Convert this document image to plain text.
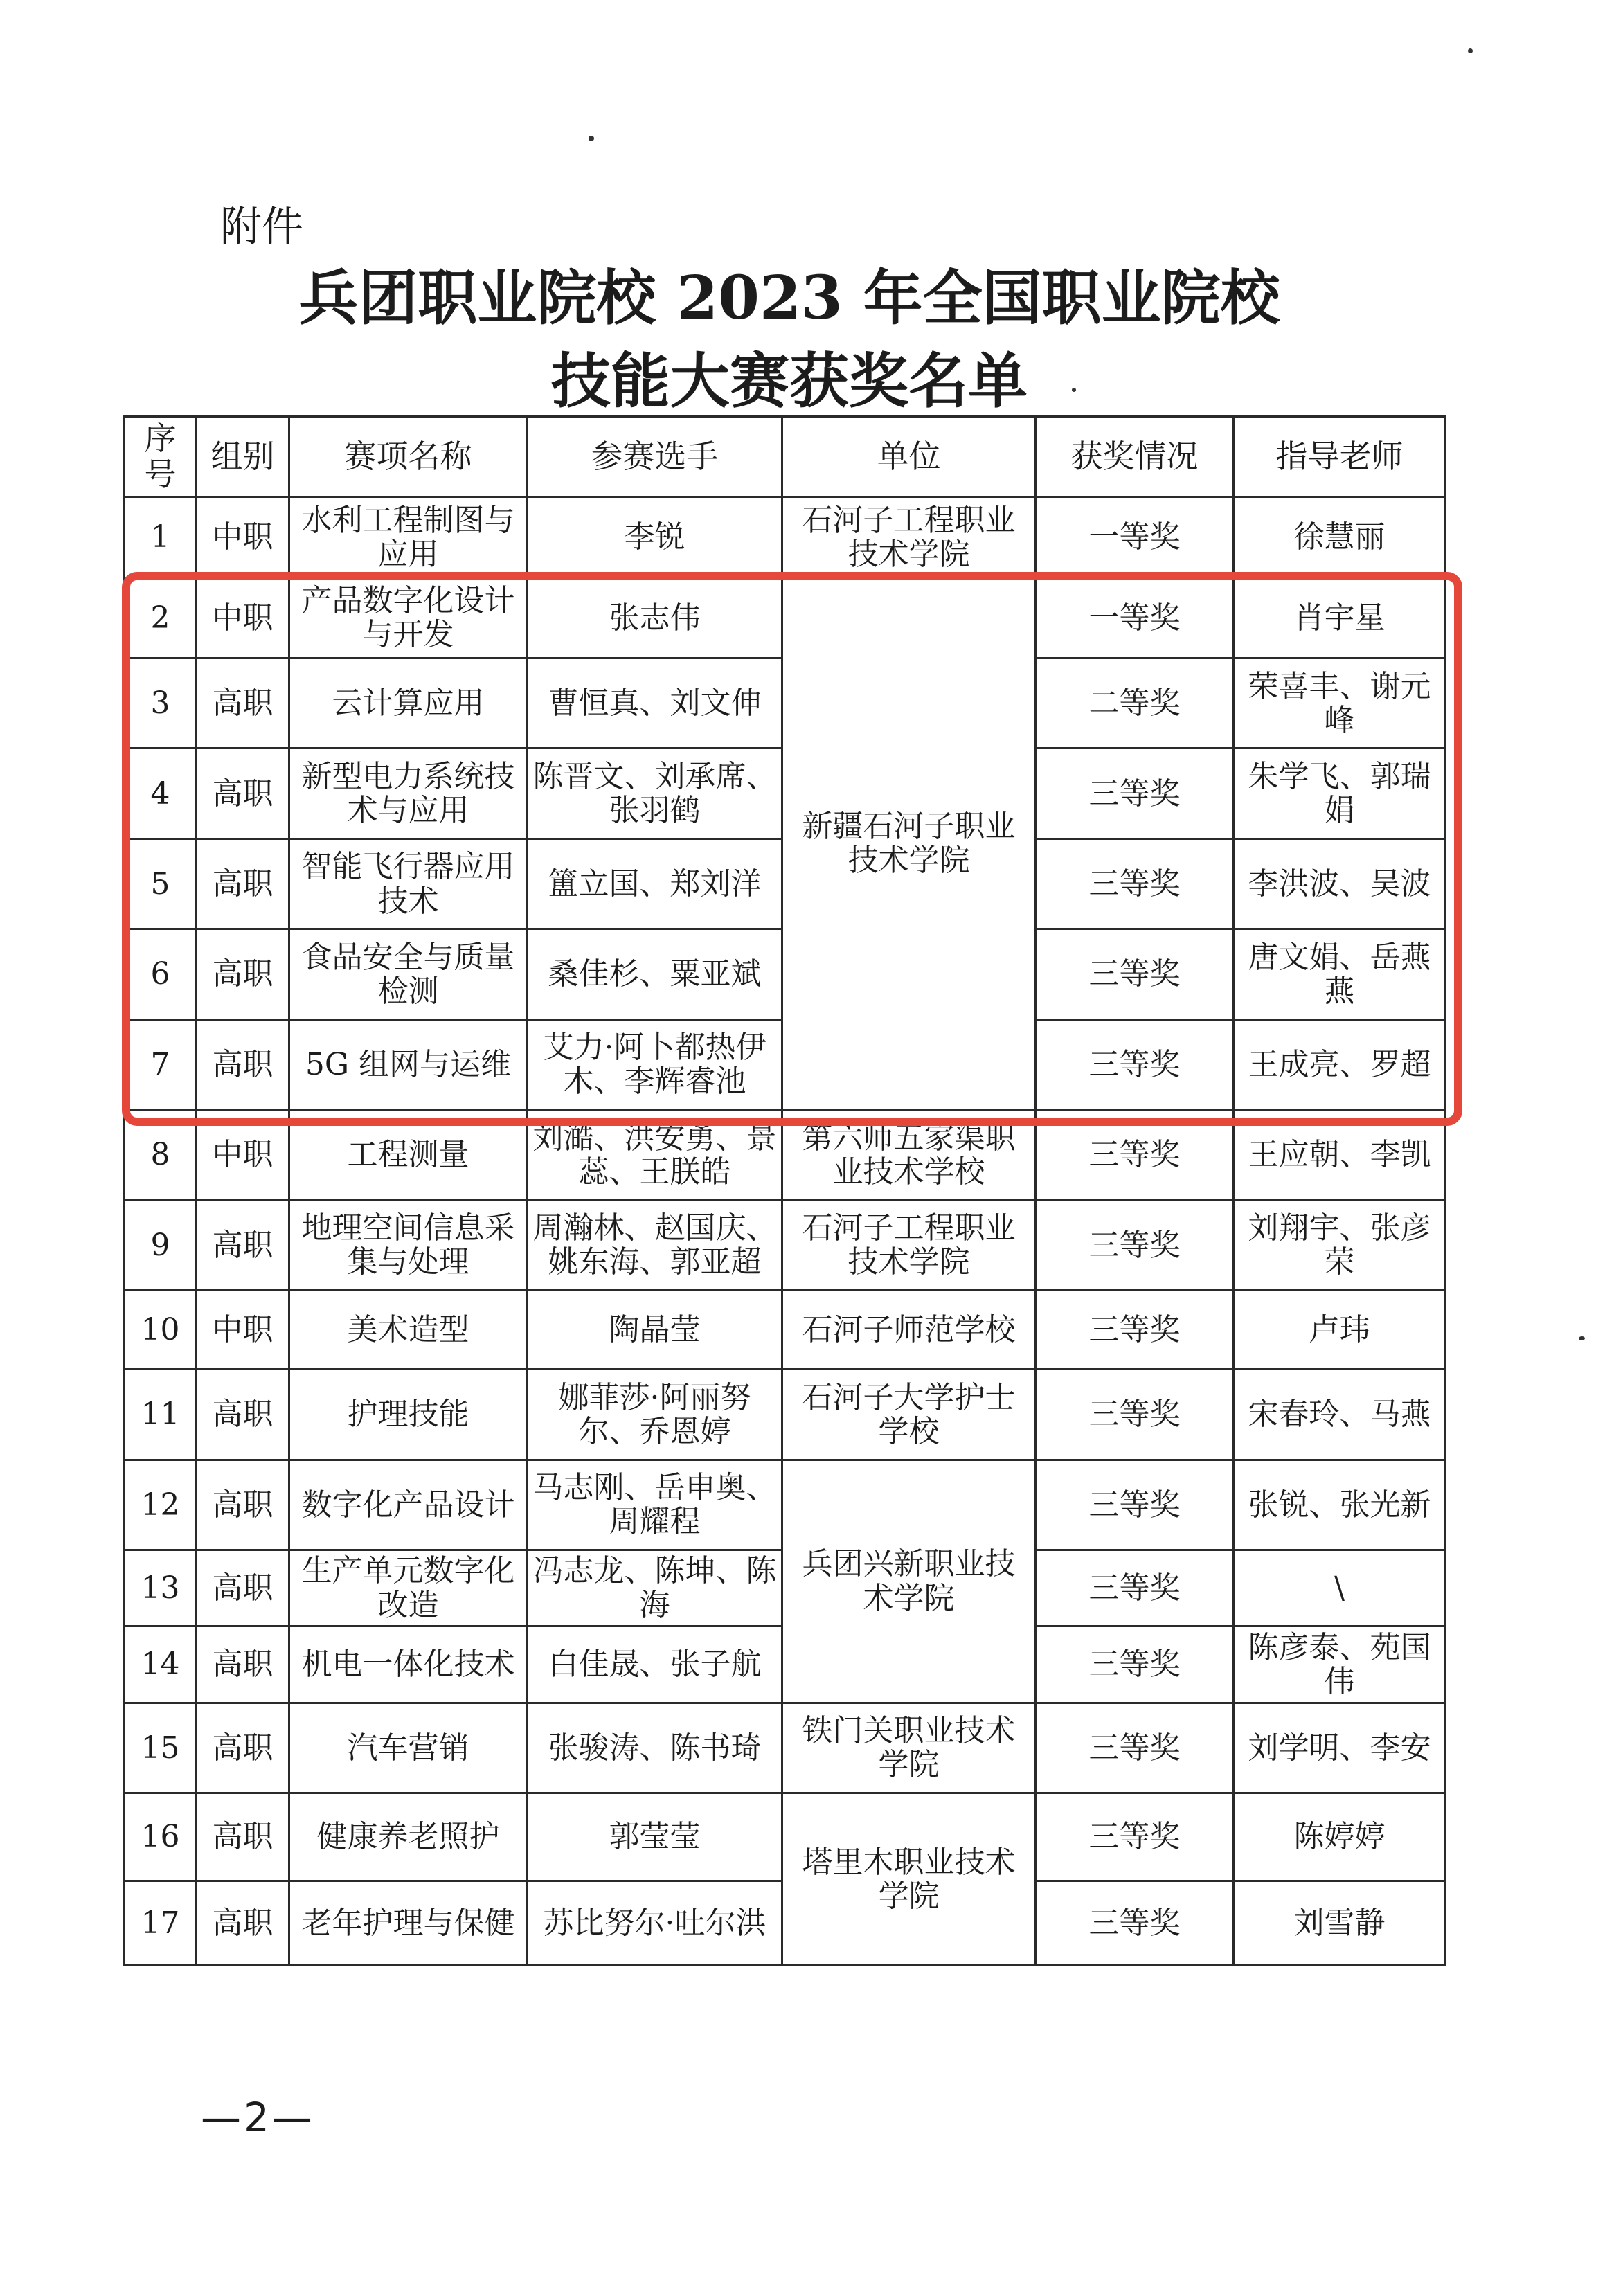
附件
兵团职业院校 2023 年全国职业院校
技能大赛获奖名单
序号	组别	赛项名称	参赛选手	单位	获奖情况	指导老师
1	中职	水利工程制图与应用	李锐	石河子工程职业技术学院	一等奖	徐慧丽
2	中职	产品数字化设计与开发	张志伟	新疆石河子职业技术学院	一等奖	肖宇星
3	高职	云计算应用	曹恒真、刘文伸		二等奖	荣喜丰、谢元峰
4	高职	新型电力系统技术与应用	陈晋文、刘承席、张羽鹤		三等奖	朱学飞、郭瑞娟
5	高职	智能飞行器应用技术	簠立国、郑刘洋		三等奖	李洪波、吴波
6	高职	食品安全与质量检测	桑佳杉、粟亚斌		三等奖	唐文娟、岳燕燕
7	高职	5G 组网与运维	艾力·阿卜都热伊木、李辉睿池		三等奖	王成亮、罗超
8	中职	工程测量	刘澔、洪安勇、景蕊、王朕皓	第六师五家渠职业技术学校	三等奖	王应朝、李凯
9	高职	地理空间信息采集与处理	周瀚林、赵国庆、姚东海、郭亚超	石河子工程职业技术学院	三等奖	刘翔宇、张彦荣
10	中职	美术造型	陶晶莹	石河子师范学校	三等奖	卢玮
11	高职	护理技能	娜菲莎·阿丽努尔、乔恩婷	石河子大学护士学校	三等奖	宋春玲、马燕
12	高职	数字化产品设计	马志刚、岳申奥、周耀程	兵团兴新职业技术学院	三等奖	张锐、张光新
13	高职	生产单元数字化改造	冯志龙、陈坤、陈海		三等奖	\
14	高职	机电一体化技术	白佳晟、张子航		三等奖	陈彦泰、苑国伟
15	高职	汽车营销	张骏涛、陈书琦	铁门关职业技术学院	三等奖	刘学明、李安
16	高职	健康养老照护	郭莹莹	塔里木职业技术学院	三等奖	陈婷婷
17	高职	老年护理与保健	苏比努尔·吐尔洪		三等奖	刘雪静
—2—
